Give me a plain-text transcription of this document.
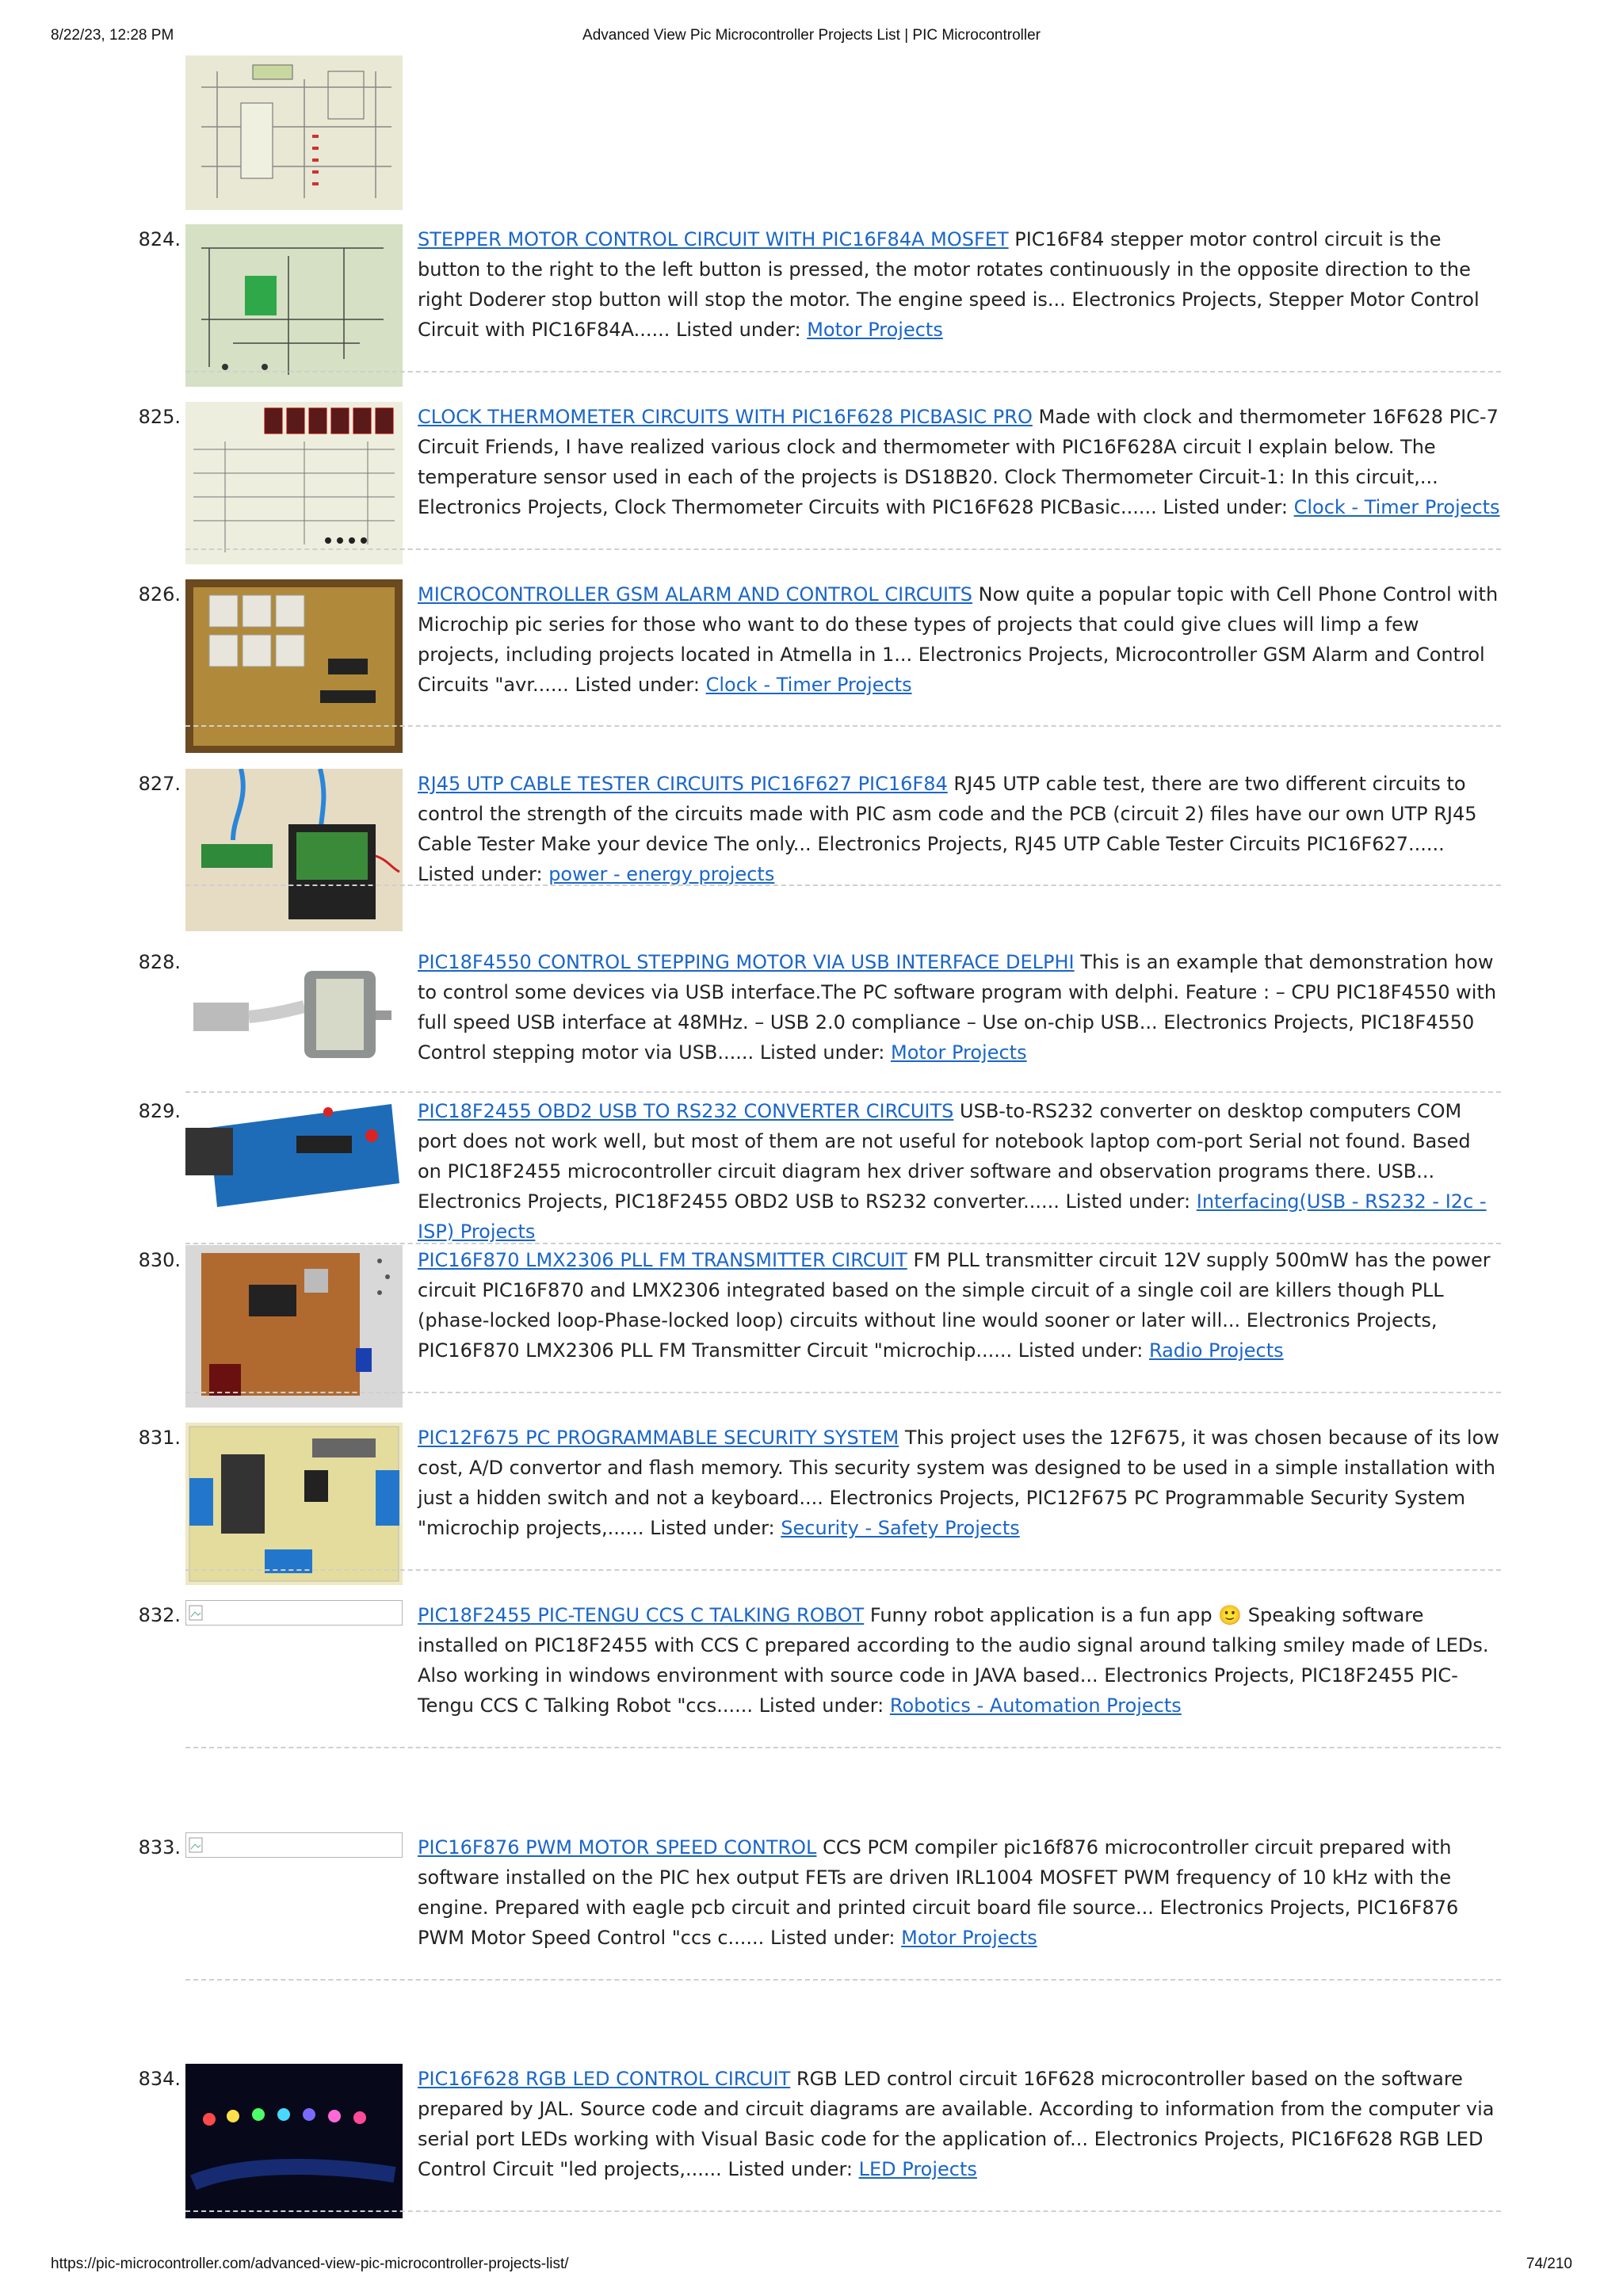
8/22/23, 12:28 PM	Advanced View Pic Microcontroller Projects List | PIC Microcontroller
824.	STEPPER MOTOR CONTROL CIRCUIT WITH PIC16F84A MOSFET PIC16F84 stepper motor control circuit is the button to the right to the left button is pressed, the motor rotates continuously in the opposite direction to the right Doderer stop button will stop the motor. The engine speed is... Electronics Projects, Stepper Motor Control Circuit with PIC16F84A...... Listed under: Motor Projects
825.	CLOCK THERMOMETER CIRCUITS WITH PIC16F628 PICBASIC PRO Made with clock and thermometer 16F628 PIC-7 Circuit Friends, I have realized various clock and thermometer with PIC16F628A circuit I explain below. The temperature sensor used in each of the projects is DS18B20. Clock Thermometer Circuit-1: In this circuit,... Electronics Projects, Clock Thermometer Circuits with PIC16F628 PICBasic...... Listed under: Clock - Timer Projects
826.	MICROCONTROLLER GSM ALARM AND CONTROL CIRCUITS Now quite a popular topic with Cell Phone Control with Microchip pic series for those who want to do these types of projects that could give clues will limp a few projects, including projects located in Atmella in 1... Electronics Projects, Microcontroller GSM Alarm and Control Circuits "avr...... Listed under: Clock - Timer Projects
827.	RJ45 UTP CABLE TESTER CIRCUITS PIC16F627 PIC16F84 RJ45 UTP cable test, there are two different circuits to control the strength of the circuits made with PIC asm code and the PCB (circuit 2) files have our own UTP RJ45 Cable Tester Make your device The only... Electronics Projects, RJ45 UTP Cable Tester Circuits PIC16F627...... Listed under: power - energy projects
828.	PIC18F4550 CONTROL STEPPING MOTOR VIA USB INTERFACE DELPHI This is an example that demonstration how to control some devices via USB interface.The PC software program with delphi. Feature : – CPU PIC18F4550 with full speed USB interface at 48MHz. – USB 2.0 compliance – Use on-chip USB... Electronics Projects, PIC18F4550 Control stepping motor via USB...... Listed under: Motor Projects
829.	PIC18F2455 OBD2 USB TO RS232 CONVERTER CIRCUITS USB-to-RS232 converter on desktop computers COM port does not work well, but most of them are not useful for notebook laptop com-port Serial not found. Based on PIC18F2455 microcontroller circuit diagram hex driver software and observation programs there. USB... Electronics Projects, PIC18F2455 OBD2 USB to RS232 converter...... Listed under: Interfacing(USB - RS232 - I2c -ISP) Projects
830.	PIC16F870 LMX2306 PLL FM TRANSMITTER CIRCUIT FM PLL transmitter circuit 12V supply 500mW has the power circuit PIC16F870 and LMX2306 integrated based on the simple circuit of a single coil are killers though PLL (phase-locked loop-Phase-locked loop) circuits without line would sooner or later will... Electronics Projects, PIC16F870 LMX2306 PLL FM Transmitter Circuit "microchip...... Listed under: Radio Projects
831.	PIC12F675 PC PROGRAMMABLE SECURITY SYSTEM This project uses the 12F675, it was chosen because of its low cost, A/D convertor and flash memory. This security system was designed to be used in a simple installation with just a hidden switch and not a keyboard.... Electronics Projects, PIC12F675 PC Programmable Security System "microchip projects,...... Listed under: Security - Safety Projects
832.	PIC18F2455 PIC-TENGU CCS C TALKING ROBOT Funny robot application is a fun app 🙂 Speaking software installed on PIC18F2455 with CCS C prepared according to the audio signal around talking smiley made of LEDs. Also working in windows environment with source code in JAVA based... Electronics Projects, PIC18F2455 PIC-Tengu CCS C Talking Robot "ccs...... Listed under: Robotics - Automation Projects
833.	PIC16F876 PWM MOTOR SPEED CONTROL CCS PCM compiler pic16f876 microcontroller circuit prepared with software installed on the PIC hex output FETs are driven IRL1004 MOSFET PWM frequency of 10 kHz with the engine. Prepared with eagle pcb circuit and printed circuit board file source... Electronics Projects, PIC16F876 PWM Motor Speed Control "ccs c...... Listed under: Motor Projects
834.	PIC16F628 RGB LED CONTROL CIRCUIT RGB LED control circuit 16F628 microcontroller based on the software prepared by JAL. Source code and circuit diagrams are available. According to information from the computer via serial port LEDs working with Visual Basic code for the application of... Electronics Projects, PIC16F628 RGB LED Control Circuit "led projects,...... Listed under: LED Projects
https://pic-microcontroller.com/advanced-view-pic-microcontroller-projects-list/	74/210
